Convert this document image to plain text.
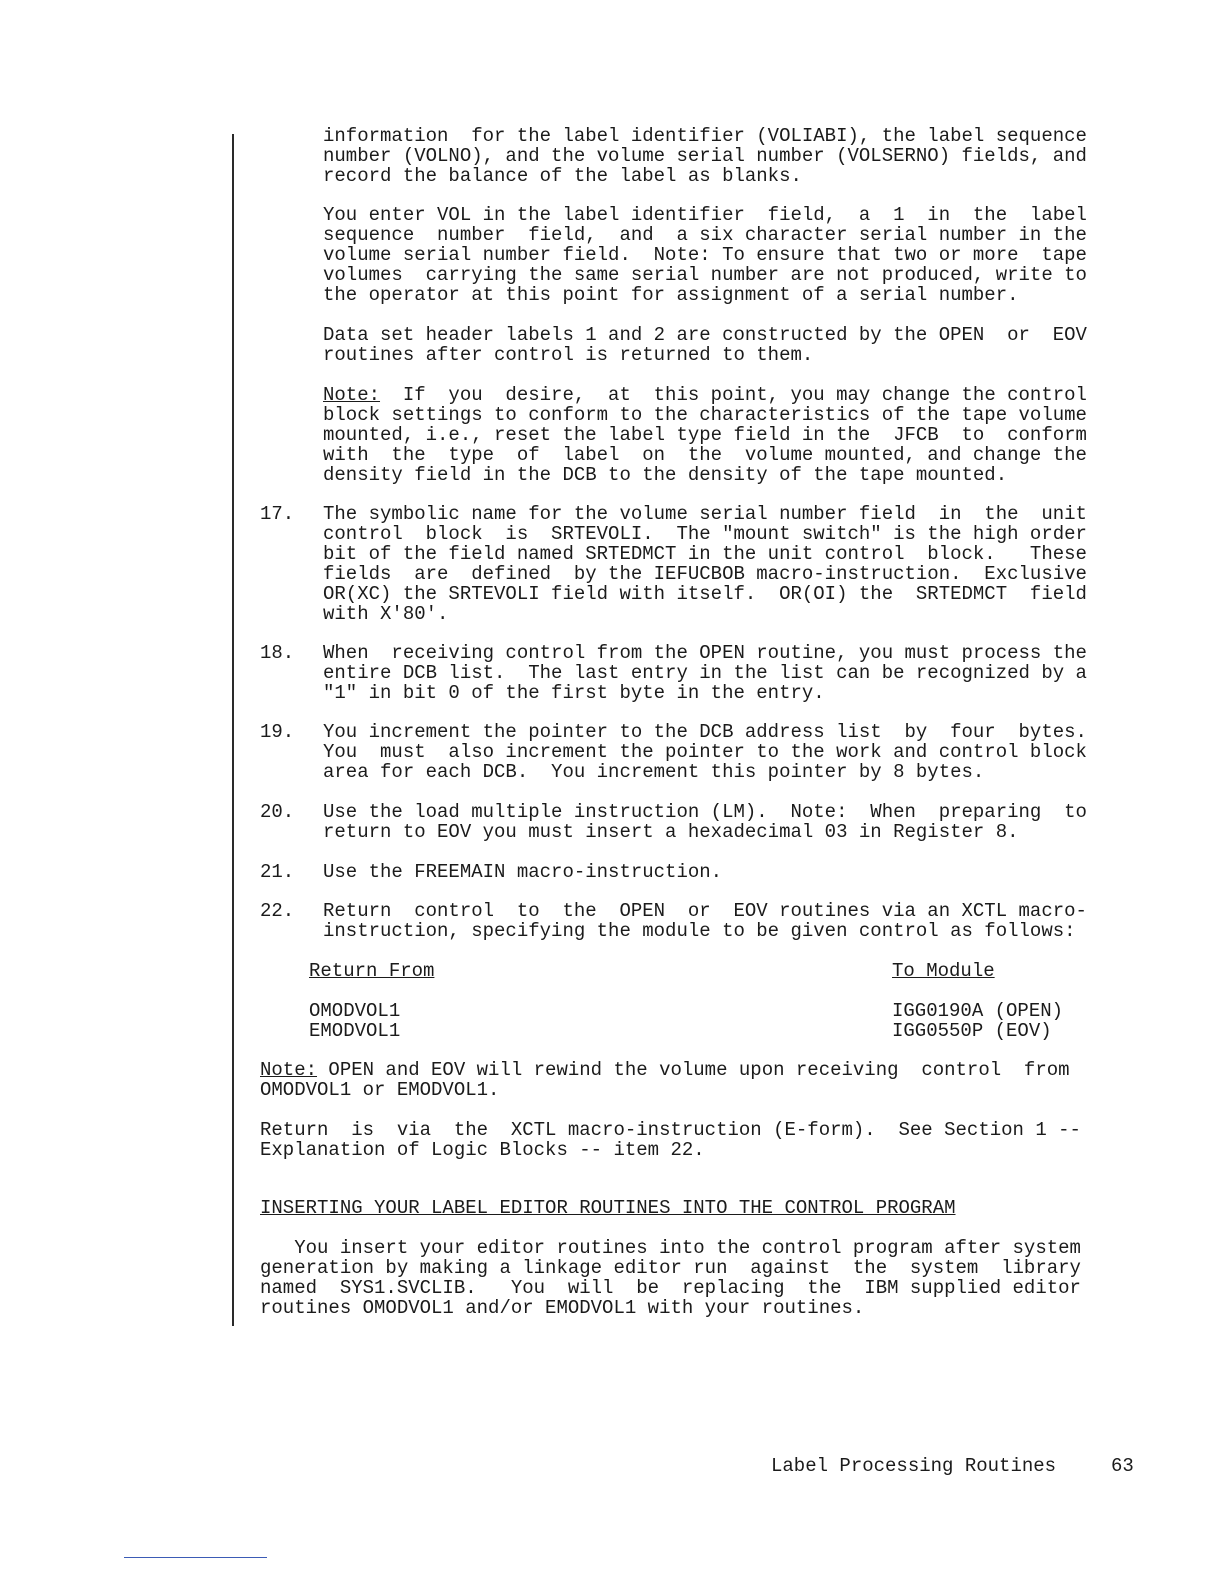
information  for the label identifier (VOLIABI), the label sequence
number (VOLNO), and the volume serial number (VOLSERNO) fields, and
record the balance of the label as blanks.
You enter VOL in the label identifier  field,  a  1  in  the  label
sequence  number  field,  and  a six character serial number in the
volume serial number field.  Note: To ensure that two or more  tape
volumes  carrying the same serial number are not produced, write to
the operator at this point for assignment of a serial number.
Data set header labels 1 and 2 are constructed by the OPEN  or  EOV
routines after control is returned to them.
Note:  If  you  desire,  at  this point, you may change the control
block settings to conform to the characteristics of the tape volume
mounted, i.e., reset the label type field in the  JFCB  to  conform
with  the  type  of  label  on  the  volume mounted, and change the
density field in the DCB to the density of the tape mounted.
17. The symbolic name for the volume serial number field  in  the  unit
control  block  is  SRTEVOLI.  The "mount switch" is the high order
bit of the field named SRTEDMCT in the unit control  block.   These
fields  are  defined  by the IEFUCBOB macro-instruction.  Exclusive
OR(XC) the SRTEVOLI field with itself.  OR(OI) the  SRTEDMCT  field
with X'80'.
18. When  receiving control from the OPEN routine, you must process the
entire DCB list.  The last entry in the list can be recognized by a
"1" in bit 0 of the first byte in the entry.
19. You increment the pointer to the DCB address list  by  four  bytes.
You  must  also increment the pointer to the work and control block
area for each DCB.  You increment this pointer by 8 bytes.
20. Use the load multiple instruction (LM).  Note:  When  preparing  to
return to EOV you must insert a hexadecimal 03 in Register 8.
21. Use the FREEMAIN macro-instruction.
22. Return  control  to  the  OPEN  or  EOV routines via an XCTL macro-
instruction, specifying the module to be given control as follows:
Return From	To Module
OMODVOL1
EMODVOL1
IGG0190A (OPEN)
IGG0550P (EOV)
Note: OPEN and EOV will rewind the volume upon receiving  control  from
OMODVOL1 or EMODVOL1.
Return  is  via  the  XCTL macro-instruction (E-form).  See Section 1 --
Explanation of Logic Blocks -- item 22.
INSERTING YOUR LABEL EDITOR ROUTINES INTO THE CONTROL PROGRAM
You insert your editor routines into the control program after system
generation by making a linkage editor run  against  the  system  library
named  SYS1.SVCLIB.   You  will  be  replacing  the  IBM supplied editor
routines OMODVOL1 and/or EMODVOL1 with your routines.
Label Processing Routines	63
